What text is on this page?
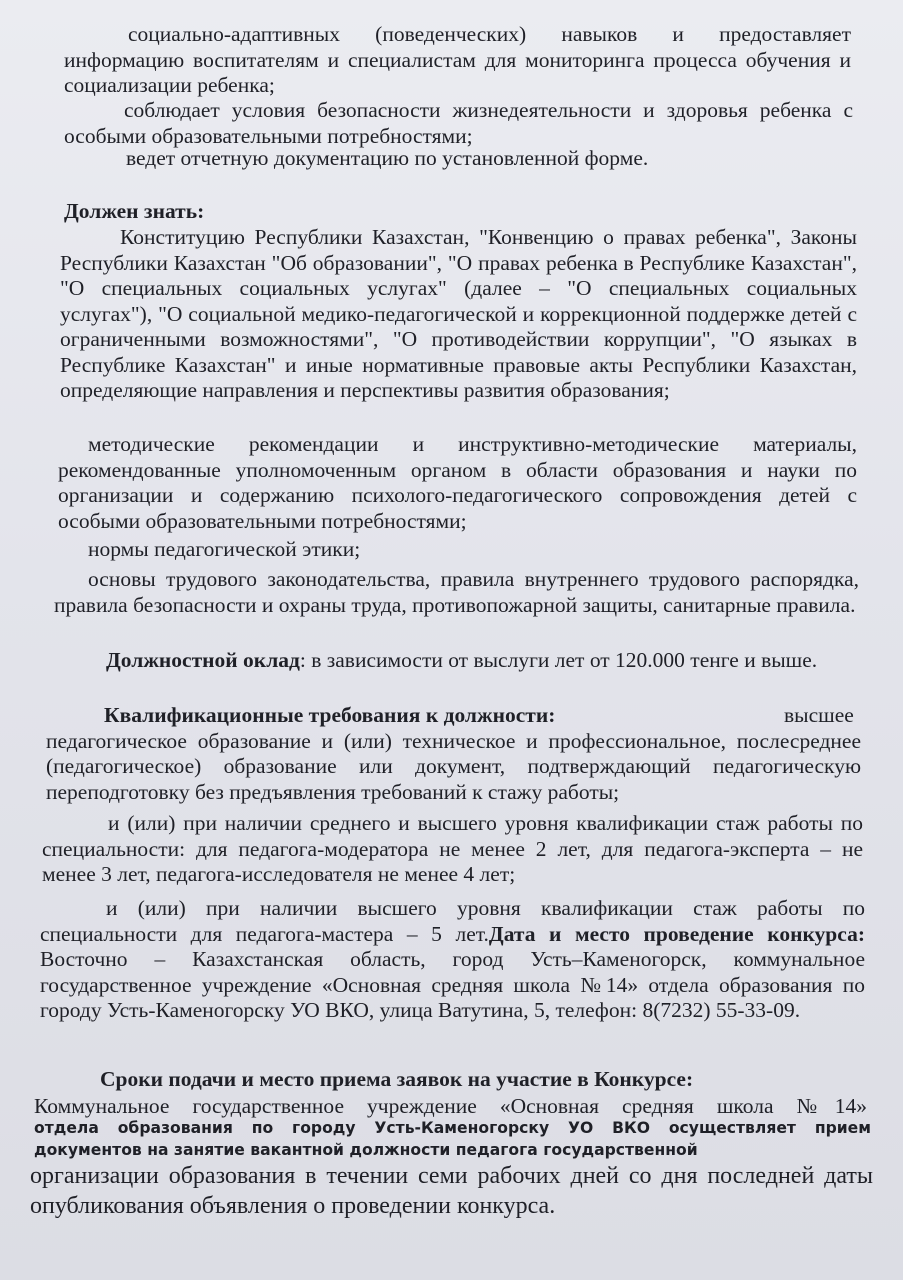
социально-адаптивных (поведенческих) навыков и предоставляет информацию воспитателям и специалистам для мониторинга процесса обучения и социализации ребенка;

соблюдает условия безопасности жизнедеятельности и здоровья ребенка с особыми образовательными потребностями;

ведет отчетную документацию по установленной форме.

Должен знать:

Конституцию Республики Казахстан, "Конвенцию о правах ребенка", Законы Республики Казахстан "Об образовании", "О правах ребенка в Республике Казахстан", "О специальных социальных услугах" (далее – "О специальных социальных услугах"), "О социальной медико-педагогической и коррекционной поддержке детей с ограниченными возможностями", "О противодействии коррупции", "О языках в Республике Казахстан" и иные нормативные правовые акты Республики Казахстан, определяющие направления и перспективы развития образования;

методические рекомендации и инструктивно-методические материалы, рекомендованные уполномоченным органом в области образования и науки по организации и содержанию психолого-педагогического сопровождения детей с особыми образовательными потребностями;

нормы педагогической этики;

основы трудового законодательства, правила внутреннего трудового распорядка, правила безопасности и охраны труда, противопожарной защиты, санитарные правила.

Должностной оклад: в зависимости от выслуги лет от 120.000 тенге и выше.

Квалификационные требования к должности:	высшее педагогическое образование и (или) техническое и профессиональное, послесреднее (педагогическое) образование или документ, подтверждающий педагогическую переподготовку без предъявления требований к стажу работы;

и (или) при наличии среднего и высшего уровня квалификации стаж работы по специальности: для педагога-модератора не менее 2 лет, для педагога-эксперта – не менее 3 лет, педагога-исследователя не менее 4 лет;

и (или) при наличии высшего уровня квалификации стаж работы по специальности для педагога-мастера – 5 лет.Дата и место проведение конкурса: Восточно – Казахстанская область, город Усть–Каменогорск, коммунальное государственное учреждение «Основная средняя школа №14» отдела образования по городу Усть-Каменогорску УО ВКО, улица Ватутина, 5, телефон: 8(7232) 55-33-09.

Сроки подачи и место приема заявок на участие в Конкурсе:

Коммунальное государственное учреждение «Основная средняя школа №14»

отдела образования по городу Усть-Каменогорску УО ВКО осуществляет прием документов на занятие вакантной должности педагога государственной

организации образования в течении семи рабочих дней со дня последней даты опубликования объявления о проведении конкурса.
